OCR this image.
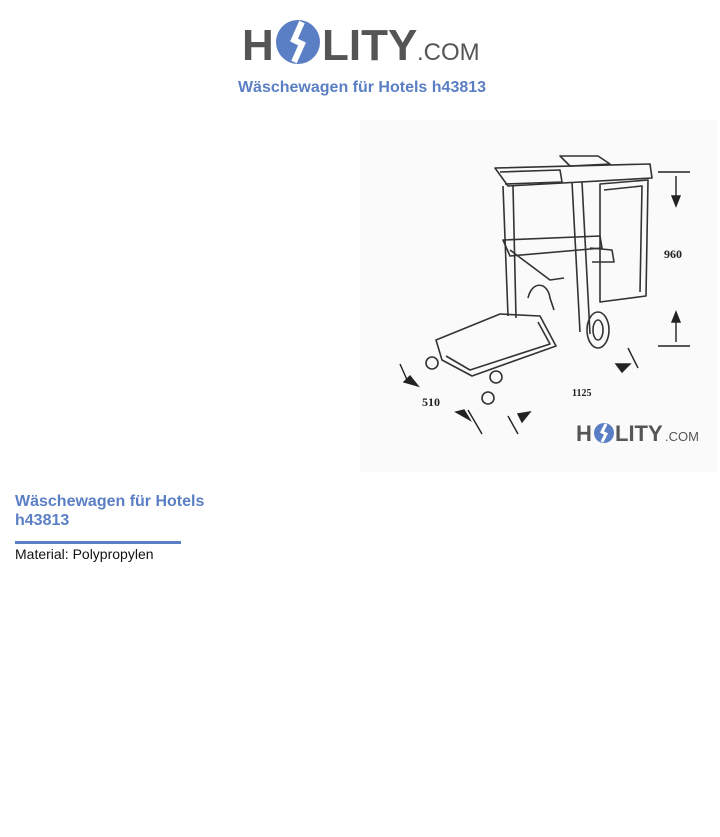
H LITY .COM
Wäschewagen für Hotels h43813
960
1125
510
H LITY .COM
Wäschewagen für Hotels h43813
Material: Polypropylen
